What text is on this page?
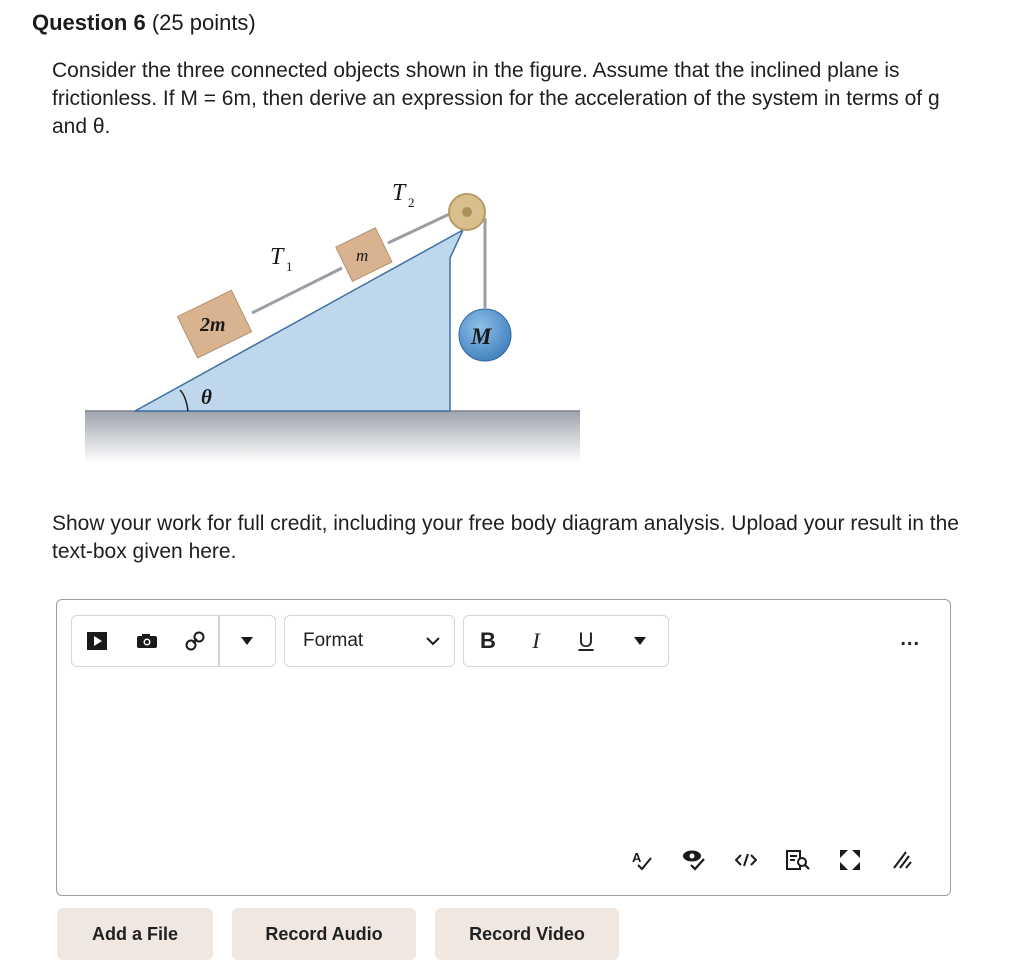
Question 6 (25 points)
Consider the three connected objects shown in the figure. Assume that the inclined plane is frictionless. If M = 6m, then derive an expression for the acceleration of the system in terms of g and θ.
θ
2m
m
M
T 1
T 2
Show your work for full credit, including your free body diagram analysis. Upload your result in the text-box given here.
Format	B	I	U	...
A
Add a File	Record Audio	Record Video
